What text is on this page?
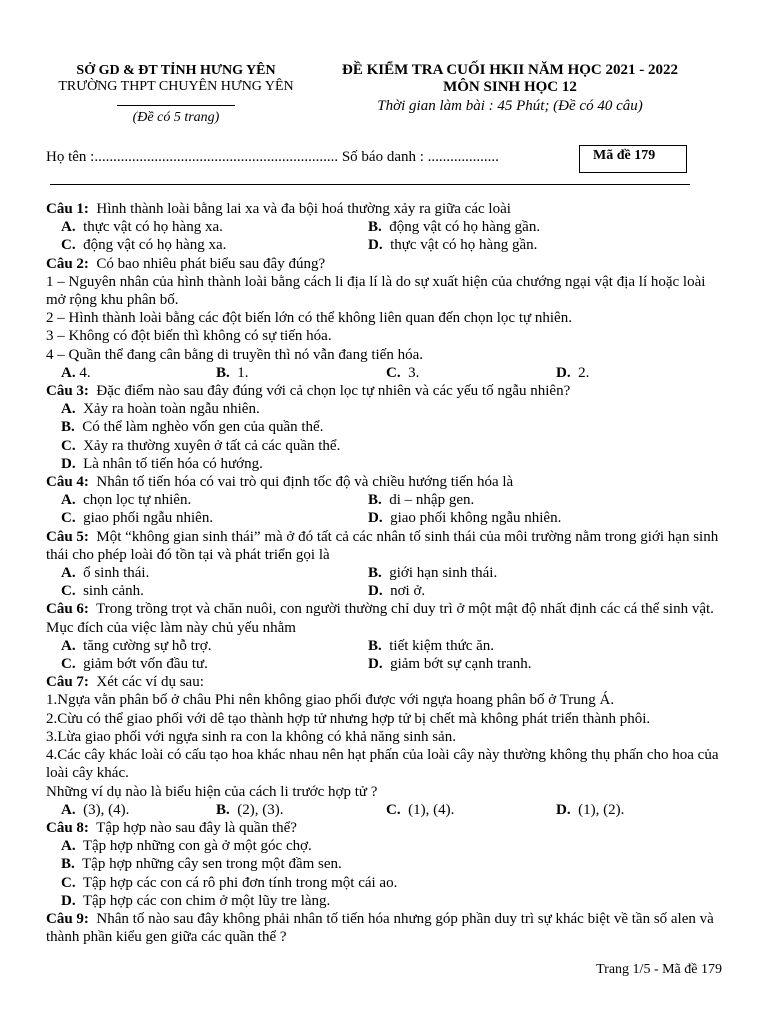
SỞ GD & ĐT TỈNH HƯNG YÊN
TRƯỜNG THPT CHUYÊN HƯNG YÊN
(Đề có 5 trang)
ĐỀ KIỂM TRA CUỐI HKII NĂM HỌC 2021 - 2022
MÔN SINH HỌC 12
Thời gian làm bài : 45 Phút; (Đề có 40 câu)
Họ tên :................................................................. Số báo danh : ...................	Mã đề 179

Câu 1: Hình thành loài bằng lai xa và đa bội hoá thường xảy ra giữa các loài

A. thực vật có họ hàng xa.	B. động vật có họ hàng gần.
C. động vật có họ hàng xa.	D. thực vật có họ hàng gần.

Câu 2: Có bao nhiêu phát biểu sau đây đúng?

1 – Nguyên nhân của hình thành loài bằng cách li địa lí là do sự xuất hiện của chướng ngại vật địa lí hoặc loài mở rộng khu phân bố.

2 – Hình thành loài bằng các đột biến lớn có thể không liên quan đến chọn lọc tự nhiên.

3 – Không có đột biến thì không có sự tiến hóa.

4 – Quần thể đang cân bằng di truyền thì nó vẫn đang tiến hóa.

A. 4.	B. 1.	C. 3.	D. 2.

Câu 3: Đặc điểm nào sau đây đúng với cả chọn lọc tự nhiên và các yếu tố ngẫu nhiên?

A. Xảy ra hoàn toàn ngẫu nhiên.

B. Có thể làm nghèo vốn gen của quần thể.

C. Xảy ra thường xuyên ở tất cả các quần thể.

D. Là nhân tố tiến hóa có hướng.

Câu 4: Nhân tố tiến hóa có vai trò qui định tốc độ và chiều hướng tiến hóa là

A. chọn lọc tự nhiên.	B. di – nhập gen.
C. giao phối ngẫu nhiên.	D. giao phối không ngẫu nhiên.

Câu 5: Một “không gian sinh thái” mà ở đó tất cả các nhân tố sinh thái của môi trường nằm trong giới hạn sinh thái cho phép loài đó tồn tại và phát triển gọi là

A. ổ sinh thái.	B. giới hạn sinh thái.
C. sinh cảnh.	D. nơi ở.

Câu 6: Trong trồng trọt và chăn nuôi, con người thường chỉ duy trì ở một mật độ nhất định các cá thể sinh vật. Mục đích của việc làm này chủ yếu nhằm

A. tăng cường sự hỗ trợ.	B. tiết kiệm thức ăn.
C. giảm bớt vốn đầu tư.	D. giảm bớt sự cạnh tranh.

Câu 7: Xét các ví dụ sau:

1.Ngựa vằn phân bố ở châu Phi nên không giao phối được với ngựa hoang phân bố ở Trung Á.

2.Cừu có thể giao phối với dê tạo thành hợp tử nhưng hợp tử bị chết mà không phát triển thành phôi.

3.Lừa giao phối với ngựa sinh ra con la không có khả năng sinh sản.

4.Các cây khác loài có cấu tạo hoa khác nhau nên hạt phấn của loài cây này thường không thụ phấn cho hoa của loài cây khác.

Những ví dụ nào là biểu hiện của cách li trước hợp tử ?

A. (3), (4).	B. (2), (3).	C. (1), (4).	D. (1), (2).

Câu 8: Tập hợp nào sau đây là quần thể?

A. Tập hợp những con gà ở một góc chợ.

B. Tập hợp những cây sen trong một đầm sen.

C. Tập hợp các con cá rô phi đơn tính trong một cái ao.

D. Tập hợp các con chim ở một lũy tre làng.

Câu 9: Nhân tố nào sau đây không phải nhân tố tiến hóa nhưng góp phần duy trì sự khác biệt về tần số alen và thành phần kiểu gen giữa các quần thể ?

Trang 1/5 - Mã đề 179
